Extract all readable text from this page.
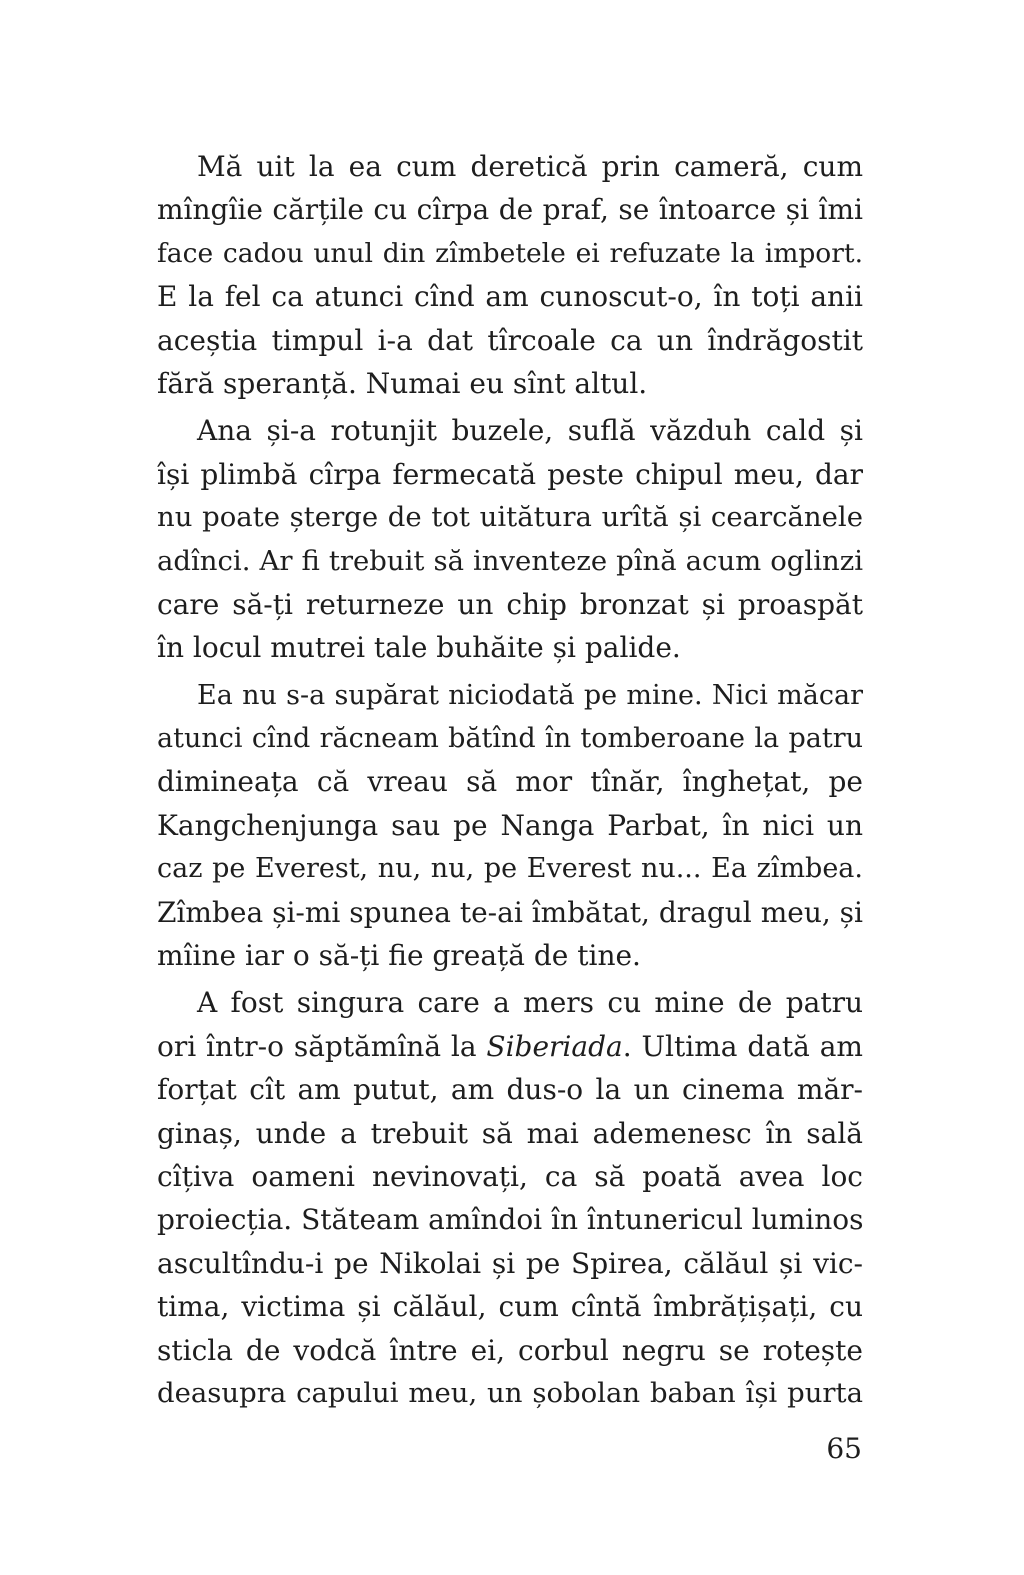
Mă uit la ea cum deretică prin cameră, cum
mîngîie cărțile cu cîrpa de praf, se întoarce și îmi
face cadou unul din zîmbetele ei refuzate la import.
E la fel ca atunci cînd am cunoscut-o, în toți anii
aceștia timpul i-a dat tîrcoale ca un îndrăgostit
fără speranță. Numai eu sînt altul.
Ana și-a rotunjit buzele, suflă văzduh cald și
își plimbă cîrpa fermecată peste chipul meu, dar
nu poate șterge de tot uitătura urîtă și cearcănele
adînci. Ar fi trebuit să inventeze pînă acum oglinzi
care să-ți returneze un chip bronzat și proaspăt
în locul mutrei tale buhăite și palide.
Ea nu s-a supărat niciodată pe mine. Nici măcar
atunci cînd răcneam bătînd în tomberoane la patru
dimineața că vreau să mor tînăr, înghețat, pe
Kangchenjunga sau pe Nanga Parbat, în nici un
caz pe Everest, nu, nu, pe Everest nu... Ea zîmbea.
Zîmbea și-mi spunea te-ai îmbătat, dragul meu, și
mîine iar o să-ți fie greață de tine.
A fost singura care a mers cu mine de patru
ori într-o săptămînă la Siberiada. Ultima dată am
forțat cît am putut, am dus-o la un cinema măr-
ginaș, unde a trebuit să mai ademenesc în sală
cîțiva oameni nevinovați, ca să poată avea loc
proiecția. Stăteam amîndoi în întunericul luminos
ascultîndu-i pe Nikolai și pe Spirea, călăul și vic-
tima, victima și călăul, cum cîntă îmbrățișați, cu
sticla de vodcă între ei, corbul negru se rotește
deasupra capului meu, un șobolan baban își purta
65
